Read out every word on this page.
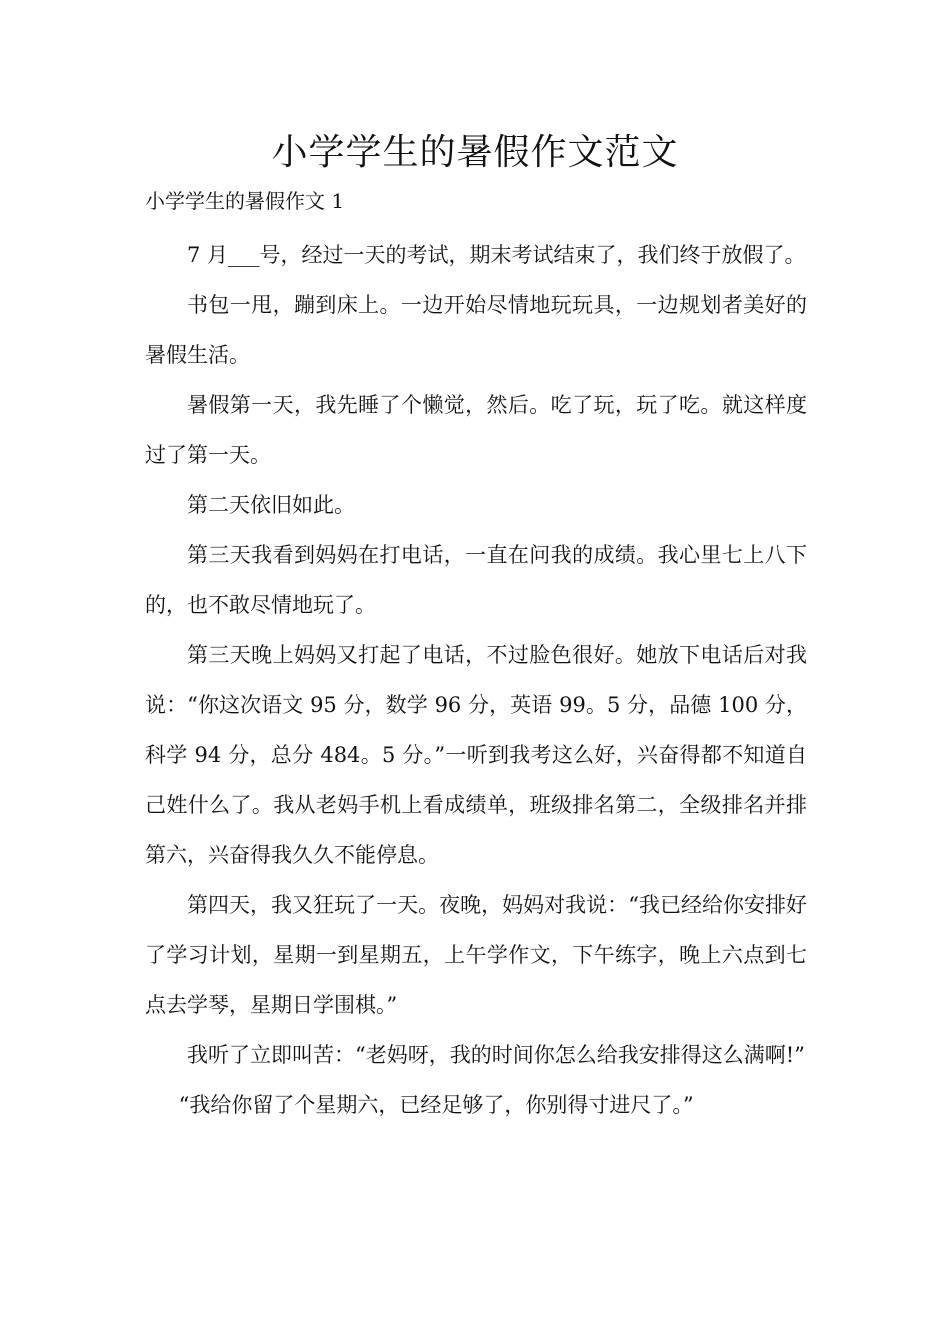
小学学生的暑假作文范文

小学学生的暑假作文 1

7 月___号，经过一天的考试，期末考试结束了，我们终于放假了。

书包一甩，蹦到床上。一边开始尽情地玩玩具，一边规划者美好的暑假生活。

暑假第一天，我先睡了个懒觉，然后。吃了玩，玩了吃。就这样度过了第一天。

第二天依旧如此。

第三天我看到妈妈在打电话，一直在问我的成绩。我心里七上八下的，也不敢尽情地玩了。

第三天晚上妈妈又打起了电话，不过脸色很好。她放下电话后对我说：“你这次语文 95 分，数学 96 分，英语 99。5 分，品德 100 分，科学 94 分，总分 484。5 分。”一听到我考这么好，兴奋得都不知道自己姓什么了。我从老妈手机上看成绩单，班级排名第二，全级排名并排第六，兴奋得我久久不能停息。

第四天，我又狂玩了一天。夜晚，妈妈对我说：“我已经给你安排好了学习计划，星期一到星期五，上午学作文，下午练字，晚上六点到七点去学琴，星期日学围棋。”

我听了立即叫苦：“老妈呀，我的时间你怎么给我安排得这么满啊!”

“我给你留了个星期六，已经足够了，你别得寸进尺了。”
